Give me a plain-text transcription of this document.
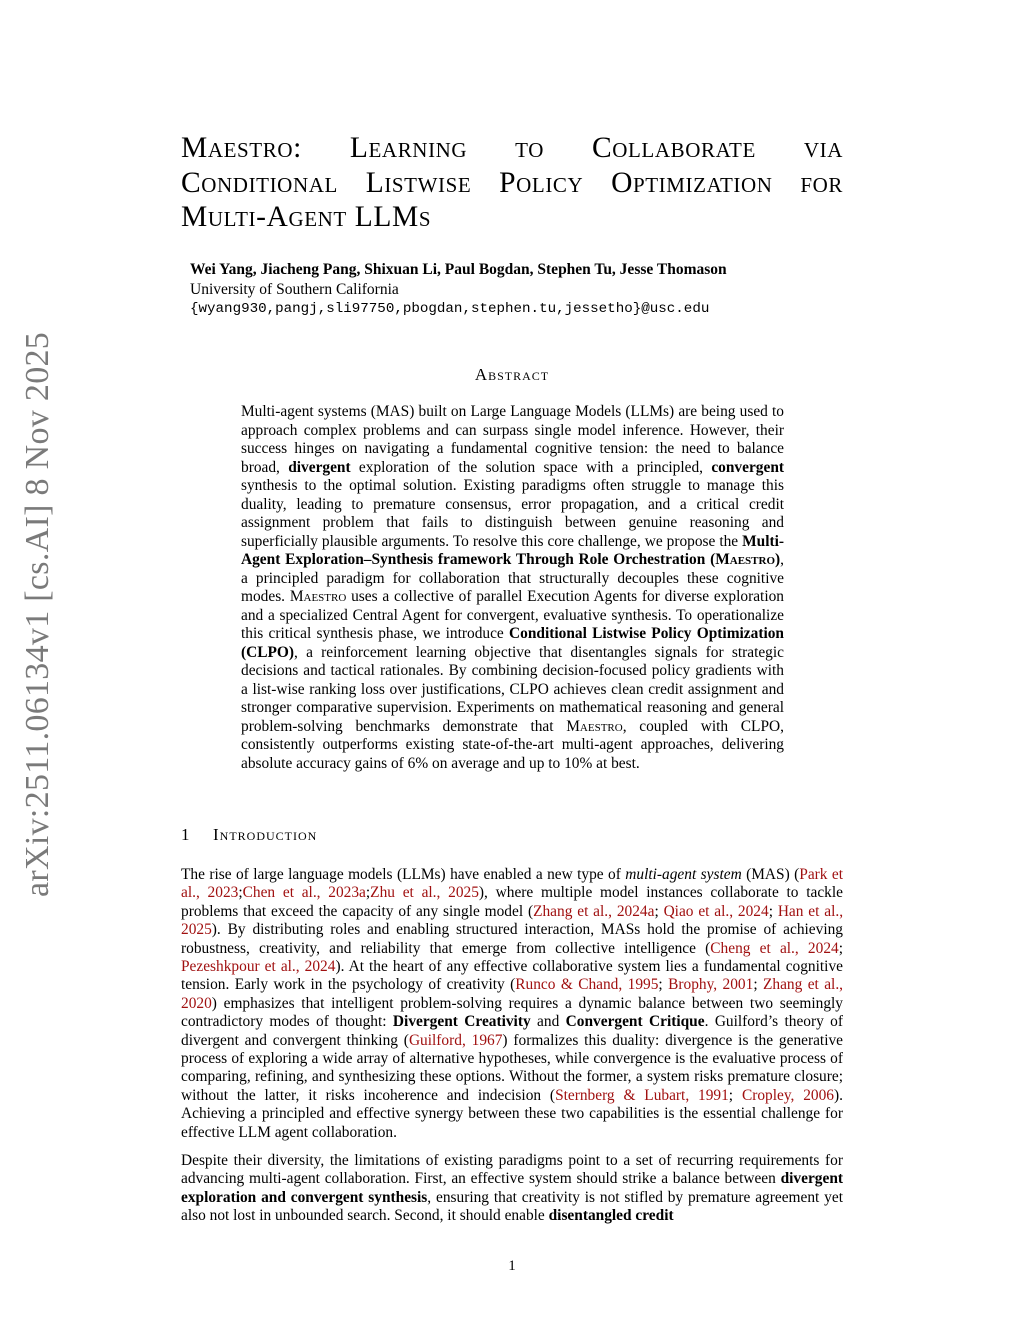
arXiv:2511.06134v1 [cs.AI] 8 Nov 2025
Maestro: Learning to Collaborate via Conditional Listwise Policy Optimization for Multi-Agent LLMs
Wei Yang, Jiacheng Pang, Shixuan Li, Paul Bogdan, Stephen Tu, Jesse Thomason
University of Southern California
{wyang930,pangj,sli97750,pbogdan,stephen.tu,jessetho}@usc.edu
Abstract
Multi-agent systems (MAS) built on Large Language Models (LLMs) are being used to approach complex problems and can surpass single model inference. However, their success hinges on navigating a fundamental cognitive tension: the need to balance broad, divergent exploration of the solution space with a principled, convergent synthesis to the optimal solution. Existing paradigms often struggle to manage this duality, leading to premature consensus, error propagation, and a critical credit assignment problem that fails to distinguish between genuine reasoning and superficially plausible arguments. To resolve this core challenge, we propose the Multi-Agent Exploration–Synthesis framework Through Role Orchestration (Maestro), a principled paradigm for collaboration that structurally decouples these cognitive modes. Maestro uses a collective of parallel Execution Agents for diverse exploration and a specialized Central Agent for convergent, evaluative synthesis. To operationalize this critical synthesis phase, we introduce Conditional Listwise Policy Optimization (CLPO), a reinforcement learning objective that disentangles signals for strategic decisions and tactical rationales. By combining decision-focused policy gradients with a list-wise ranking loss over justifications, CLPO achieves clean credit assignment and stronger comparative supervision. Experiments on mathematical reasoning and general problem-solving benchmarks demonstrate that Maestro, coupled with CLPO, consistently outperforms existing state-of-the-art multi-agent approaches, delivering absolute accuracy gains of 6% on average and up to 10% at best.
1 Introduction
The rise of large language models (LLMs) have enabled a new type of multi-agent system (MAS) (Park et al., 2023;Chen et al., 2023a;Zhu et al., 2025), where multiple model instances collaborate to tackle problems that exceed the capacity of any single model (Zhang et al., 2024a; Qiao et al., 2024; Han et al., 2025). By distributing roles and enabling structured interaction, MASs hold the promise of achieving robustness, creativity, and reliability that emerge from collective intelligence (Cheng et al., 2024; Pezeshkpour et al., 2024). At the heart of any effective collaborative system lies a fundamental cognitive tension. Early work in the psychology of creativity (Runco & Chand, 1995; Brophy, 2001; Zhang et al., 2020) emphasizes that intelligent problem-solving requires a dynamic balance between two seemingly contradictory modes of thought: Divergent Creativity and Convergent Critique. Guilford’s theory of divergent and convergent thinking (Guilford, 1967) formalizes this duality: divergence is the generative process of exploring a wide array of alternative hypotheses, while convergence is the evaluative process of comparing, refining, and synthesizing these options. Without the former, a system risks premature closure; without the latter, it risks incoherence and indecision (Sternberg & Lubart, 1991; Cropley, 2006). Achieving a principled and effective synergy between these two capabilities is the essential challenge for effective LLM agent collaboration.
Despite their diversity, the limitations of existing paradigms point to a set of recurring requirements for advancing multi-agent collaboration. First, an effective system should strike a balance between divergent exploration and convergent synthesis, ensuring that creativity is not stifled by premature agreement yet also not lost in unbounded search. Second, it should enable disentangled credit
1
